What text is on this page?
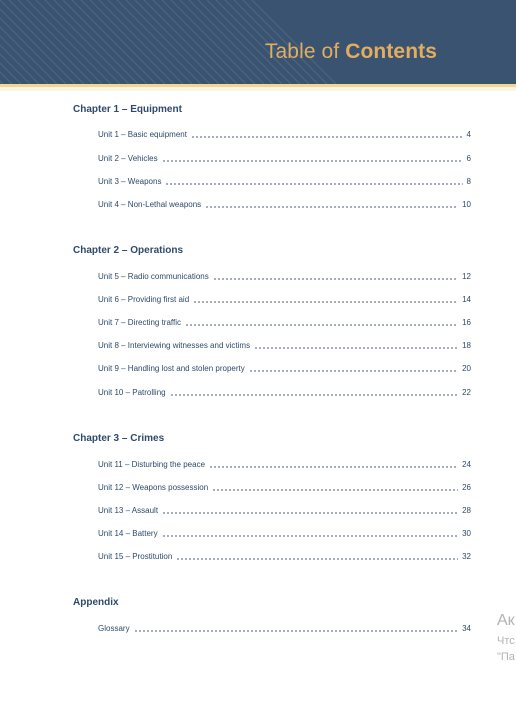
Table of Contents
Chapter 1 – Equipment
Unit 1 – Basic equipment	4
Unit 2 – Vehicles	6
Unit 3 – Weapons	8
Unit 4 – Non-Lethal weapons	10
Chapter 2 – Operations
Unit 5 – Radio communications	12
Unit 6 – Providing first aid	14
Unit 7 – Directing traffic	16
Unit 8 – Interviewing witnesses and victims	18
Unit 9 – Handling lost and stolen property	20
Unit 10 – Patrolling	22
Chapter 3 – Crimes
Unit 11 – Disturbing the peace	24
Unit 12 – Weapons possession	26
Unit 13 – Assault	28
Unit 14 – Battery	30
Unit 15 – Prostitution	32
Appendix
Glossary	34 Ак
Чтс
"Па
